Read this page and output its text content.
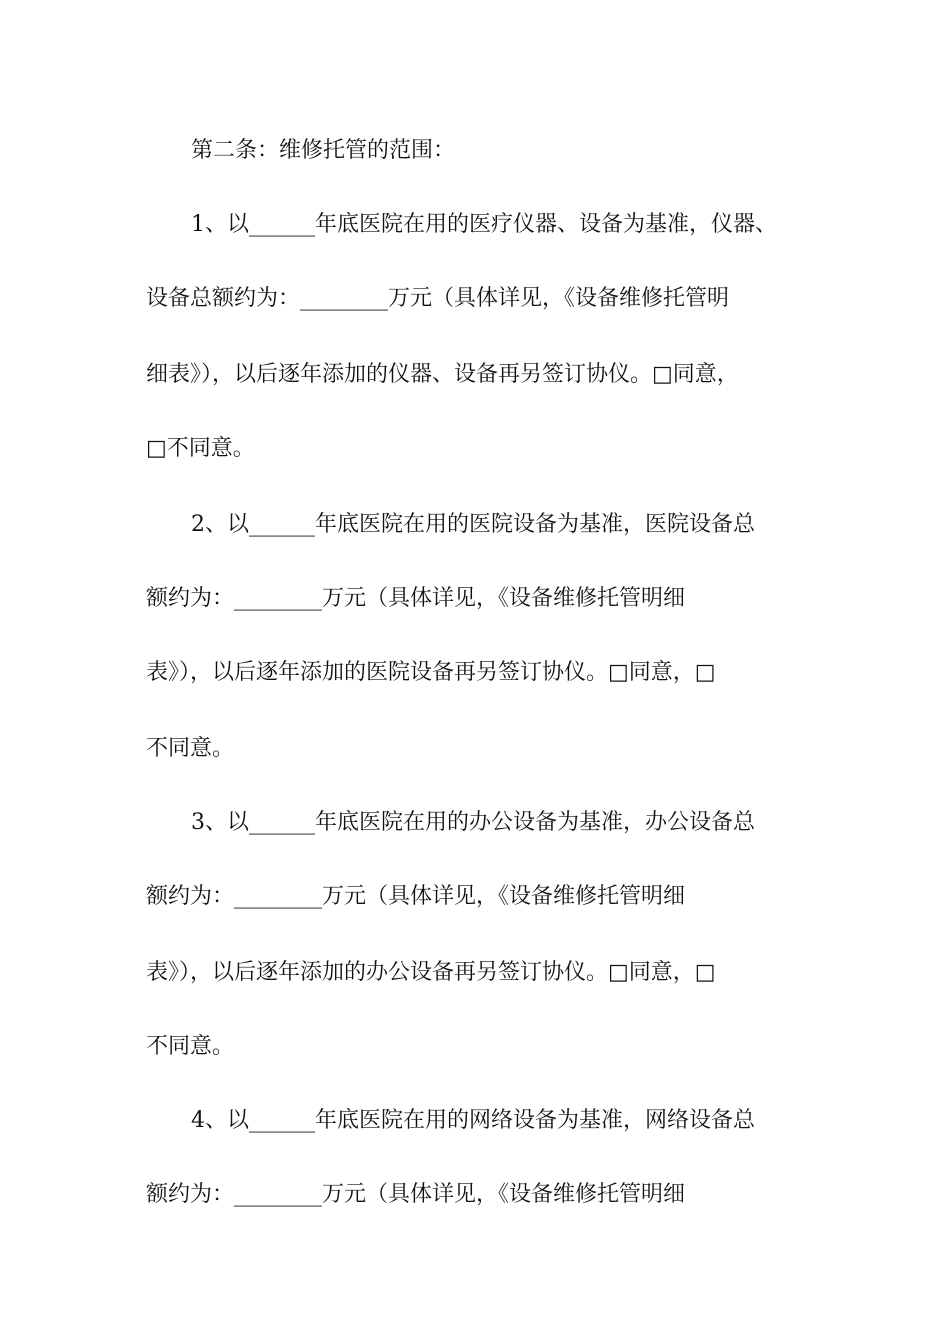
第二条：维修托管的范围：
1、以______年底医院在用的医疗仪器、设备为基准，仪器、
设备总额约为：________万元（具体详见，《设备维修托管明
细表》），以后逐年添加的仪器、设备再另签订协仪。□同意，
□不同意。
2、以______年底医院在用的医院设备为基准，医院设备总
额约为：________万元（具体详见，《设备维修托管明细
表》），以后逐年添加的医院设备再另签订协仪。□同意，□
不同意。
3、以______年底医院在用的办公设备为基准，办公设备总
额约为：________万元（具体详见，《设备维修托管明细
表》），以后逐年添加的办公设备再另签订协仪。□同意，□
不同意。
4、以______年底医院在用的网络设备为基准，网络设备总
额约为：________万元（具体详见，《设备维修托管明细
